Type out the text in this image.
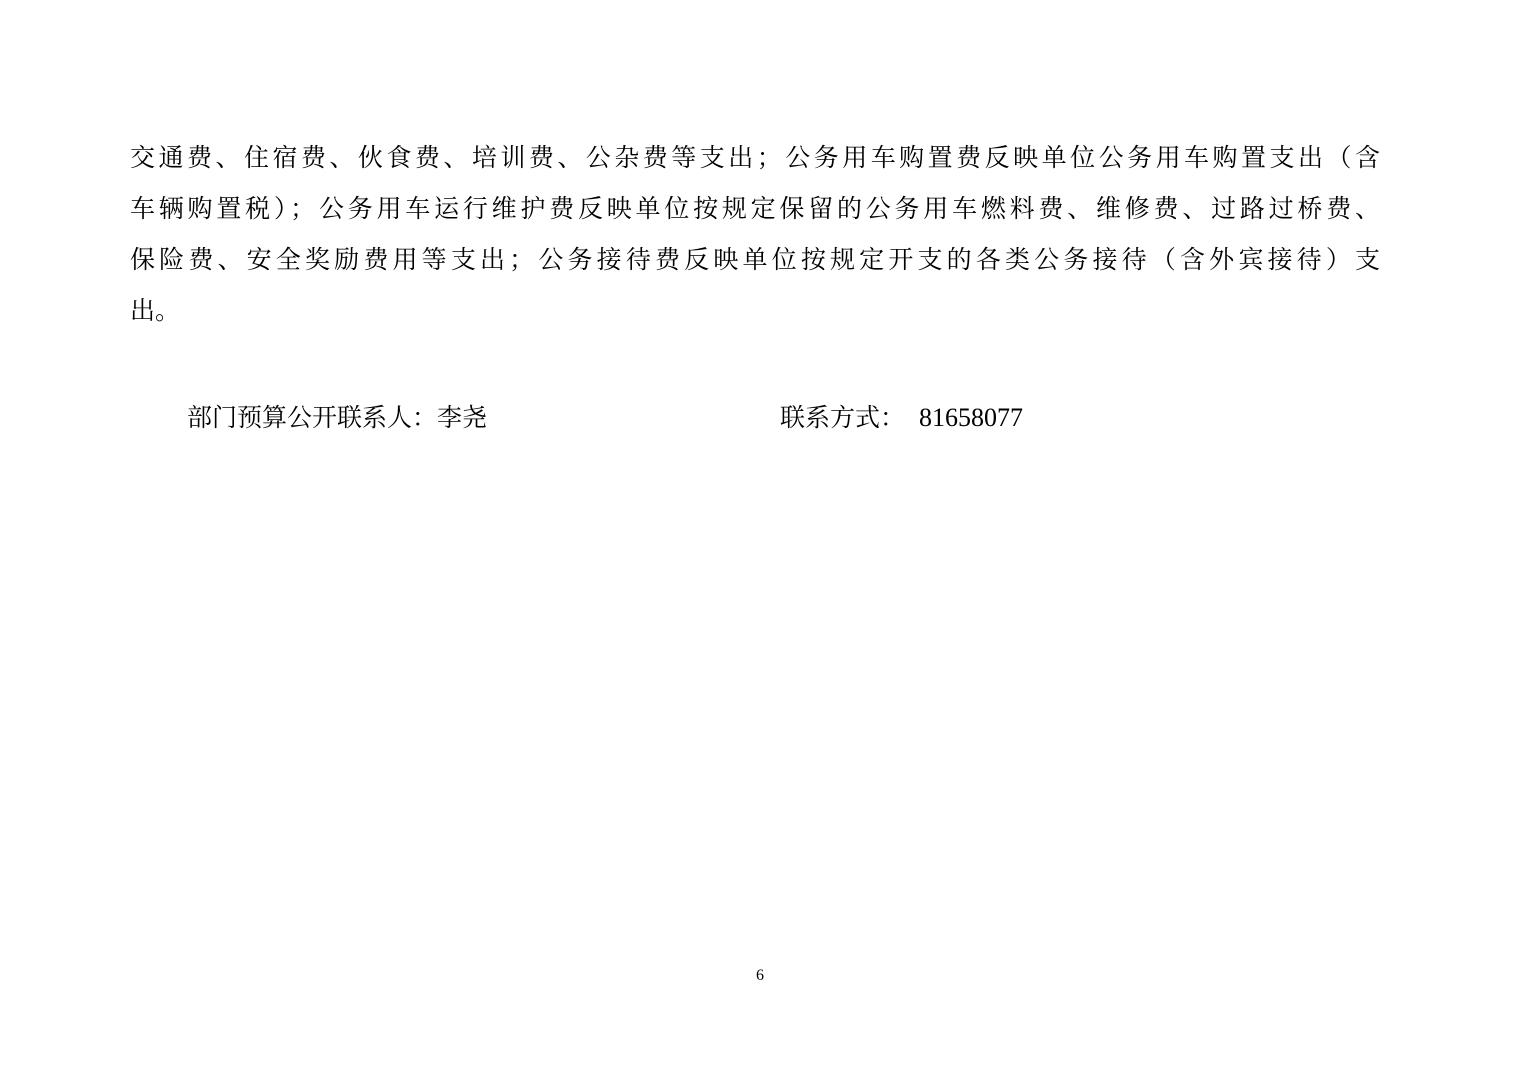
交通费、住宿费、伙食费、培训费、公杂费等支出；公务用车购置费反映单位公务用车购置支出（含
车辆购置税）；公务用车运行维护费反映单位按规定保留的公务用车燃料费、维修费、过路过桥费、
保险费、安全奖励费用等支出；公务接待费反映单位按规定开支的各类公务接待（含外宾接待）支
出。
部门预算公开联系人：李尧	联系方式： 81658077
6
